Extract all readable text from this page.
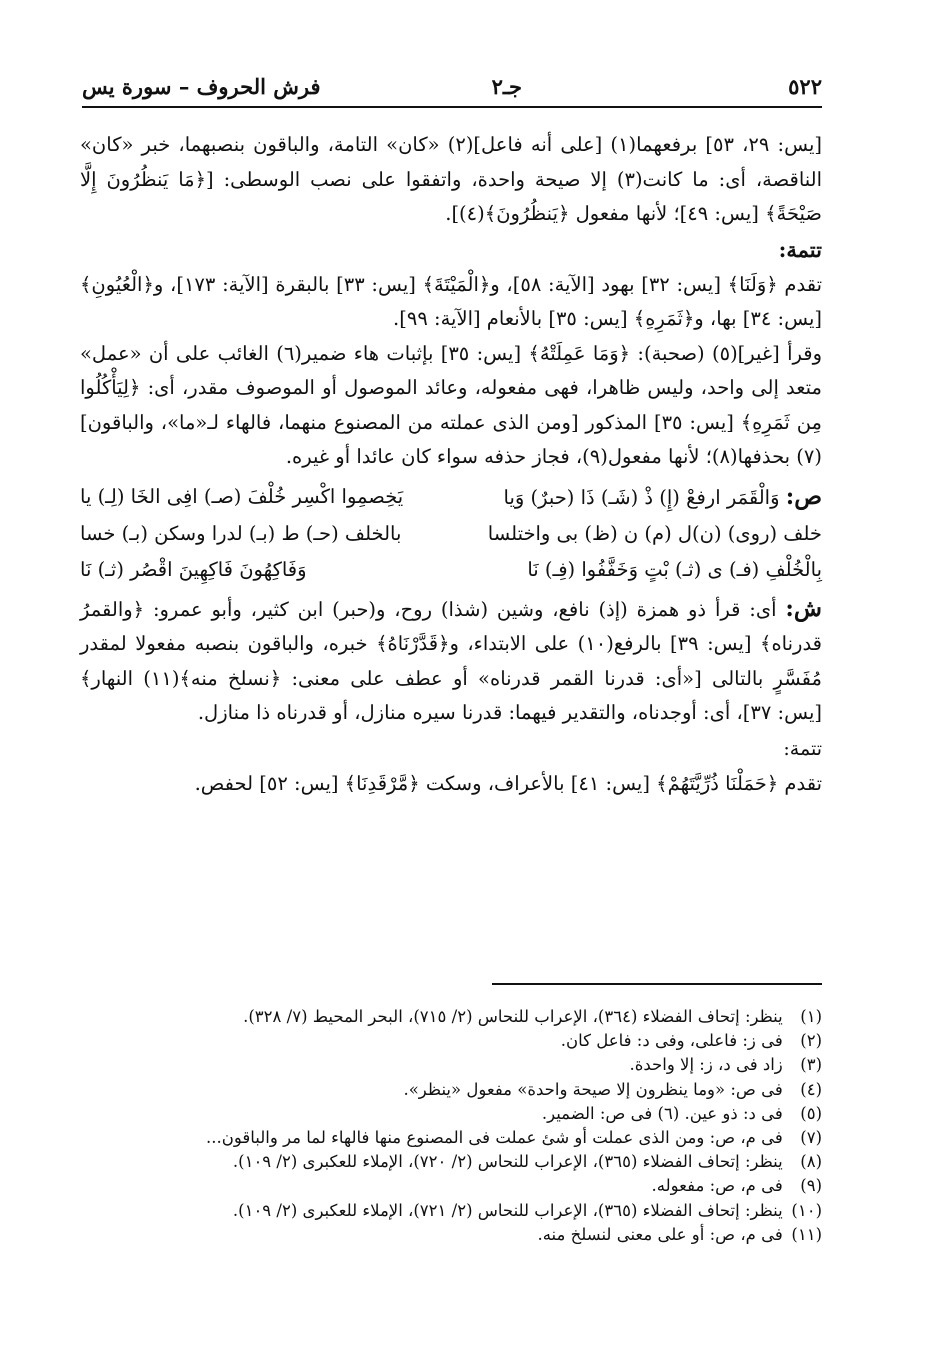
٥٢٢
جـ٢
فرش الحروف – سورة يس

[يس: ٢٩، ٥٣] برفعهما(١) [على أنه فاعل](٢) «كان» التامة، والباقون بنصبهما، خبر «كان» الناقصة، أى: ما كانت(٣) إلا صيحة واحدة، واتفقوا على نصب الوسطى: [﴿مَا يَنظُرُونَ إِلَّا صَيْحَةً﴾ [يس: ٤٩]؛ لأنها مفعول ﴿يَنظُرُونَ﴾(٤)].

تتمة:

تقدم ﴿وَلَنَا﴾ [يس: ٣٢] بهود [الآية: ٥٨]، و﴿الْمَيْتَةَ﴾ [يس: ٣٣] بالبقرة [الآية: ١٧٣]، و﴿الْعُيُونِ﴾ [يس: ٣٤] بها، و﴿ثَمَرِهِ﴾ [يس: ٣٥] بالأنعام [الآية: ٩٩].

وقرأ [غير](٥) (صحبة): ﴿وَمَا عَمِلَتْهُ﴾ [يس: ٣٥] بإثبات هاء ضمير(٦) الغائب على أن «عمل» متعد إلى واحد، وليس ظاهرا، فهى مفعوله، وعائد الموصول أو الموصوف مقدر، أى: ﴿لِيَأْكُلُوا مِن ثَمَرِهِ﴾ [يس: ٣٥] المذكور [ومن الذى عملته من المصنوع منهما، فالهاء لـ«ما»، والباقون](٧) بحذفها(٨)؛ لأنها مفعول(٩)، فجاز حذفه سواء كان عائدا أو غيره.

ص: وَالْقَمَر ارفعْ (إِ) ذْ (شَـ) ذَا (حبرٌ) وَيا
يَخِصمِوا اكْسِر خُلْفَ (صـ) افِى الخَا (لِـ) يا
خلف (روى) (ن)ل (م) ن (ظ) بى واختلسا
بالخلف (حـ) ط (بـ) لدرا وسكن (بـ) خسا
بِالْخُلْفِ (فـ) ى (ثـ) بْتٍ وَخَفَّفُوا (فِـ) نَا
وَفَاكِهُونَ فَاكِهِينَ اقْصُر (ثـ) نَا

ش: أى: قرأ ذو همزة (إذ) نافع، وشين (شذا) روح، و(حبر) ابن كثير، وأبو عمرو: ﴿والقمرُ قدرناه﴾ [يس: ٣٩] بالرفع(١٠) على الابتداء، و﴿قَدَّرْنَاهُ﴾ خبره، والباقون بنصبه مفعولا لمقدر مُفَسَّرٍ بالتالى [«أى: قدرنا القمر قدرناه» أو عطف على معنى: ﴿نسلخ منه﴾(١١) النهار﴾ [يس: ٣٧]، أى: أوجدناه، والتقدير فيهما: قدرنا سيره منازل، أو قدرناه ذا منازل.

تتمة:

تقدم ﴿حَمَلْنَا ذُرِّيَّتَهُمْ﴾ [يس: ٤١] بالأعراف، وسكت ﴿مَّرْقَدِنَا﴾ [يس: ٥٢] لحفص.

(١) ينظر: إتحاف الفضلاء (٣٦٤)، الإعراب للنحاس (٢/ ٧١٥)، البحر المحيط (٧/ ٣٢٨).

(٢) فى ز: فاعلى، وفى د: فاعل كان.

(٣) زاد فى د، ز: إلا واحدة.

(٤) فى ص: «وما ينظرون إلا صيحة واحدة» مفعول «ينظر».

(٥) فى د: ذو عين. (٦) فى ص: الضمير.

(٧) فى م، ص: ومن الذى عملت أو شئ عملت فى المصنوع منها فالهاء لما مر والباقون...

(٨) ينظر: إتحاف الفضلاء (٣٦٥)، الإعراب للنحاس (٢/ ٧٢٠)، الإملاء للعكبرى (٢/ ١٠٩).

(٩) فى م، ص: مفعوله.

(١٠) ينظر: إتحاف الفضلاء (٣٦٥)، الإعراب للنحاس (٢/ ٧٢١)، الإملاء للعكبرى (٢/ ١٠٩).

(١١) فى م، ص: أو على معنى لنسلخ منه.
